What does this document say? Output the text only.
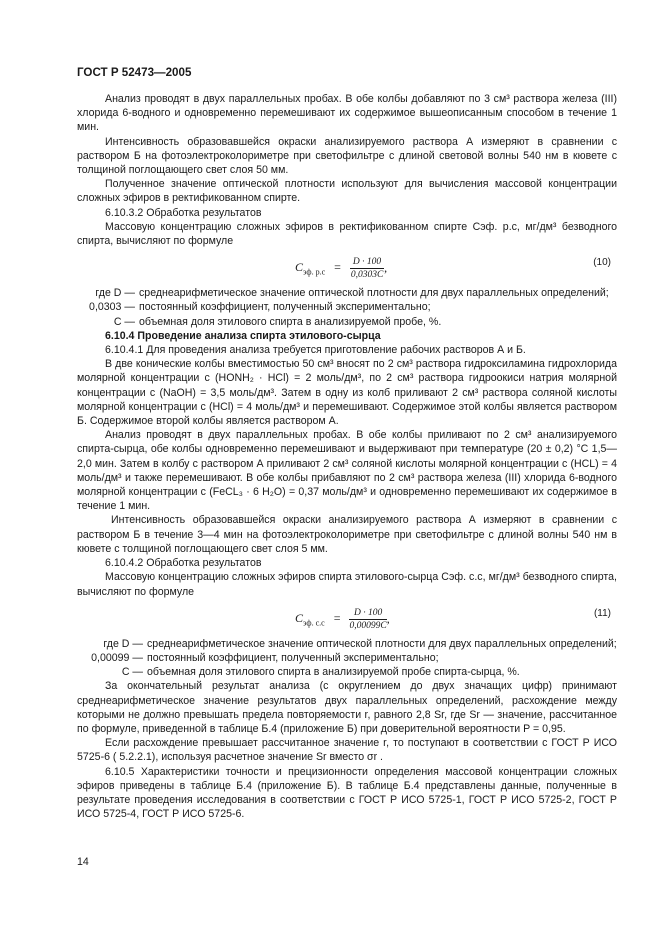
ГОСТ Р 52473—2005

Анализ проводят в двух параллельных пробах. В обе колбы добавляют по 3 см³ раствора железа (III) хлорида 6-водного и одновременно перемешивают их содержимое вышеописанным способом в течение 1 мин.

Интенсивность образовавшейся окраски анализируемого раствора А измеряют в сравнении с раствором Б на фотоэлектроколориметре при светофильтре с длиной световой волны 540 нм в кювете с толщиной поглощающего свет слоя 50 мм.

Полученное значение оптической плотности используют для вычисления массовой концентрации сложных эфиров в ректификованном спирте.

6.10.3.2 Обработка результатов

Массовую концентрацию сложных эфиров в ректификованном спирте Cэф. р.с, мг/дм³ безводного спирта, вычисляют по формуле

$C_{эф. р.с} = \frac{D \cdot 100}{0,0303C}$ ,	(10)

где D — среднеарифметическое значение оптической плотности для двух параллельных определений;

0,0303 — постоянный коэффициент, полученный экспериментально;

C — объемная доля этилового спирта в анализируемой пробе, %.

6.10.4 Проведение анализа спирта этилового-сырца

6.10.4.1 Для проведения анализа требуется приготовление рабочих растворов А и Б.

В две конические колбы вместимостью 50 см³ вносят по 2 см³ раствора гидроксиламина гидрохлорида молярной концентрации с (HONH₂ · HCl) = 2 моль/дм³, по 2 см³ раствора гидроокиси натрия молярной концентрации с (NaOH) = 3,5 моль/дм³. Затем в одну из колб приливают 2 см³ раствора соляной кислоты молярной концентрации с (HCl) = 4 моль/дм³ и перемешивают. Содержимое этой колбы является раствором Б. Содержимое второй колбы является раствором А.

Анализ проводят в двух параллельных пробах. В обе колбы приливают по 2 см³ анализируемого спирта-сырца, обе колбы одновременно перемешивают и выдерживают при температуре (20 ± 0,2) °С 1,5—2,0 мин. Затем в колбу с раствором А приливают 2 см³ соляной кислоты молярной концентрации с (HCL) = 4 моль/дм³ и также перемешивают. В обе колбы прибавляют по 2 см³ раствора железа (III) хлорида 6-водного молярной концентрации с (FeCL₃ · 6 H₂O) = 0,37 моль/дм³ и одновременно перемешивают их содержимое в течение 1 мин.

Интенсивность образовавшейся окраски анализируемого раствора А измеряют в сравнении с раствором Б в течение 3—4 мин на фотоэлектроколориметре при светофильтре с длиной волны 540 нм в кювете с толщиной поглощающего свет слоя 5 мм.

6.10.4.2 Обработка результатов

Массовую концентрацию сложных эфиров спирта этилового-сырца Cэф. с.с, мг/дм³ безводного спирта, вычисляют по формуле

$C_{эф. с.с} = \frac{D \cdot 100}{0,00099C}$ ,	(11)

где D — среднеарифметическое значение оптической плотности для двух параллельных определений;

0,00099 — постоянный коэффициент, полученный экспериментально;

C — объемная доля этилового спирта в анализируемой пробе спирта-сырца, %.

За окончательный результат анализа (с округлением до двух значащих цифр) принимают среднеарифметическое значение результатов двух параллельных определений, расхождение между которыми не должно превышать предела повторяемости r, равного 2,8 Sr, где Sr — значение, рассчитанное по формуле, приведенной в таблице Б.4 (приложение Б) при доверительной вероятности P = 0,95.

Если расхождение превышает рассчитанное значение r, то поступают в соответствии с ГОСТ Р ИСО 5725-6 ( 5.2.2.1), используя расчетное значение Sr вместо σr .

6.10.5 Характеристики точности и прецизионности определения массовой концентрации сложных эфиров приведены в таблице Б.4 (приложение Б). В таблице Б.4 представлены данные, полученные в результате проведения исследования в соответствии с ГОСТ Р ИСО 5725-1, ГОСТ Р ИСО 5725-2, ГОСТ Р ИСО 5725-4, ГОСТ Р ИСО 5725-6.

14
